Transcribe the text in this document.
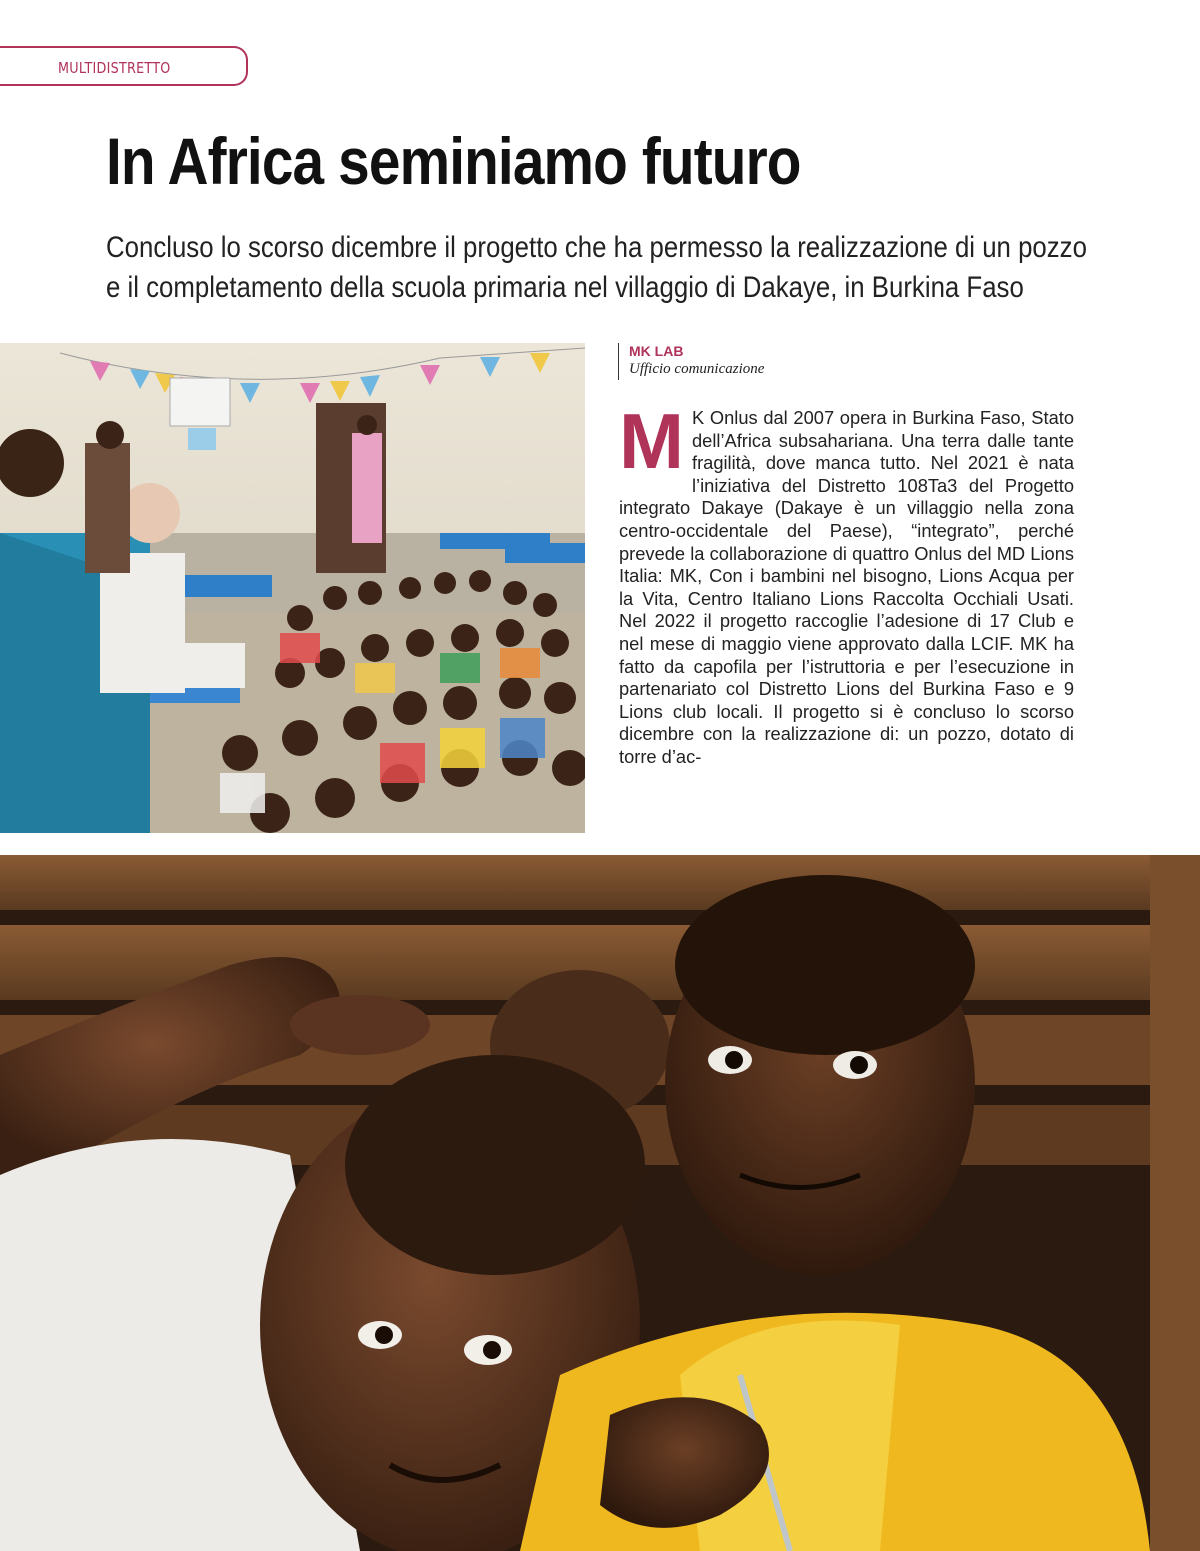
MULTIDISTRETTO
In Africa seminiamo futuro
Concluso lo scorso dicembre il progetto che ha permesso la realizzazione di un pozzo
e il completamento della scuola primaria nel villaggio di Dakaye, in Burkina Faso
MK LAB
Ufficio comunicazione
M K Onlus dal 2007 opera in Burkina Faso, Stato dell’Africa subsahariana. Una terra dalle tante fragilità, dove manca tutto. Nel 2021 è nata l’iniziativa del Distretto 108Ta3 del Progetto integrato Dakaye (Dakaye è un villaggio nella zona centro-occidentale del Paese), “integrato”, perché prevede la collaborazione di quattro Onlus del MD Lions Italia: MK, Con i bambini nel bisogno, Lions Acqua per la Vita, Centro Italiano Lions Raccolta Occhiali Usati. Nel 2022 il progetto raccoglie l’adesione di 17 Club e nel mese di maggio viene approvato dalla LCIF. MK ha fatto da capofila per l’istruttoria e per l’esecuzione in partenariato col Distretto Lions del Burkina Faso e 9 Lions club locali. Il progetto si è concluso lo scorso dicembre con la realizzazione di: un pozzo, dotato di torre d’ac-
